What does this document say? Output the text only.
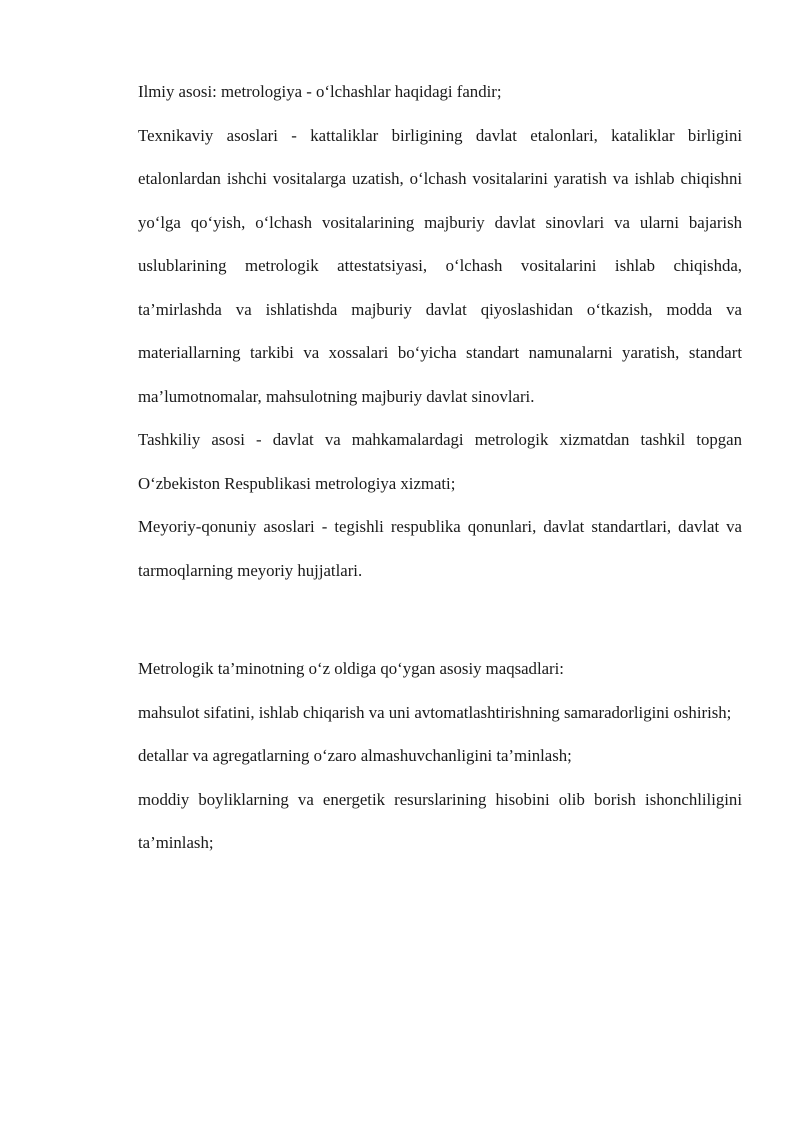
Ilmiy asosi: metrologiya - o‘lchashlar haqidagi fandir;

Texnikaviy asoslari - kattaliklar birligining davlat etalonlari, kataliklar birligini etalonlardan ishchi vositalarga uzatish, o‘lchash vositalarini yaratish va ishlab chiqishni yo‘lga qo‘yish, o‘lchash vositalarining majburiy davlat sinovlari va ularni bajarish uslublarining metrologik attestatsiyasi, o‘lchash vositalarini ishlab chiqishda, ta’mirlashda va ishlatishda majburiy davlat qiyoslashidan o‘tkazish, modda va materiallarning tarkibi va xossalari bo‘yicha standart namunalarni yaratish, standart ma’lumotnomalar, mahsulotning majburiy davlat sinovlari.

Tashkiliy asosi - davlat va mahkamalardagi metrologik xizmatdan tashkil topgan O‘zbekiston Respublikasi metrologiya xizmati;

Meyoriy-qonuniy asoslari - tegishli respublika qonunlari, davlat standartlari, davlat va tarmoqlarning meyoriy hujjatlari.

Metrologik ta’minotning o‘z oldiga qo‘ygan asosiy maqsadlari:

mahsulot sifatini, ishlab chiqarish va uni avtomatlashtirishning samaradorligini oshirish;

detallar va agregatlarning o‘zaro almashuvchanligini ta’minlash;

moddiy boyliklarning va energetik resurslarining hisobini olib borish ishonchliligini ta’minlash;
